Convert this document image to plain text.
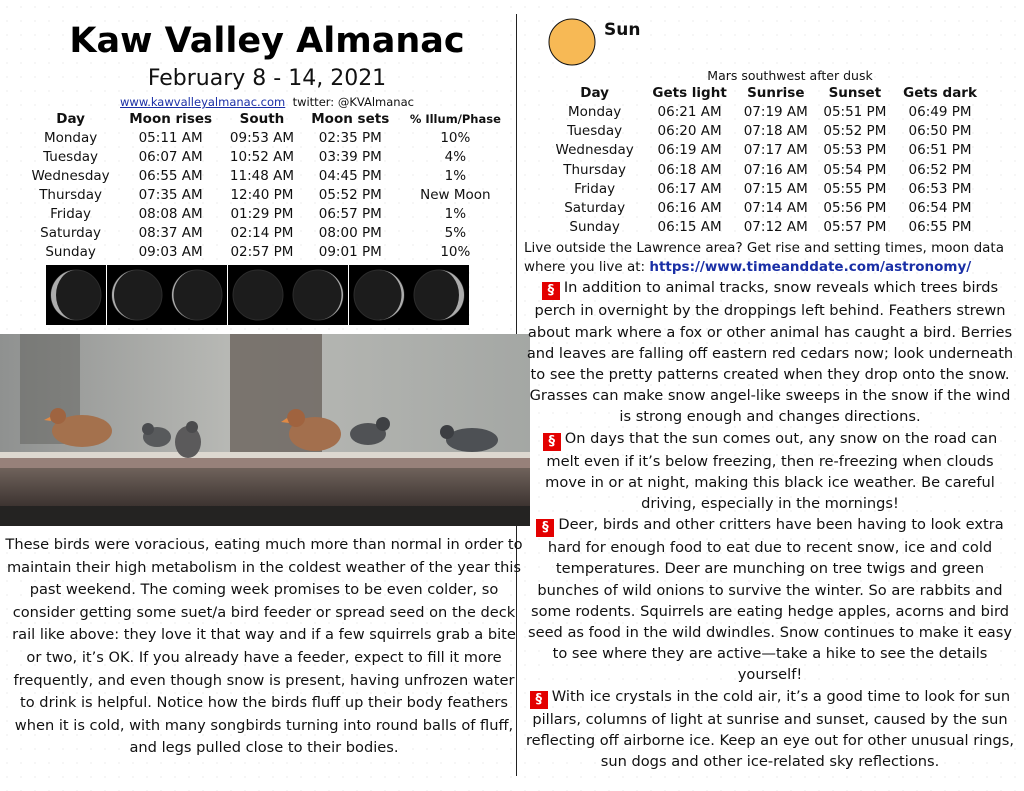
Kaw Valley Almanac
February 8 - 14, 2021
www.kawvalleyalmanac.com twitter: @KVAlmanac
Day	Moon rises	South	Moon sets	% Illum/Phase
Monday	05:11 AM	09:53 AM	02:35 PM	10%
Tuesday	06:07 AM	10:52 AM	03:39 PM	4%
Wednesday	06:55 AM	11:48 AM	04:45 PM	1%
Thursday	07:35 AM	12:40 PM	05:52 PM	New Moon
Friday	08:08 AM	01:29 PM	06:57 PM	1%
Saturday	08:37 AM	02:14 PM	08:00 PM	5%
Sunday	09:03 AM	02:57 PM	09:01 PM	10%
These birds were voracious, eating much more than normal in order to maintain their high metabolism in the coldest weather of the year this past weekend. The coming week promises to be even colder, so consider getting some suet/a bird feeder or spread seed on the deck rail like above: they love it that way and if a few squirrels grab a bite or two, it’s OK. If you already have a feeder, expect to fill it more frequently, and even though snow is present, having unfrozen water to drink is helpful. Notice how the birds fluff up their body feathers when it is cold, with many songbirds turning into round balls of fluff, and legs pulled close to their bodies.
Sun
Mars southwest after dusk
Day	Gets light	Sunrise	Sunset	Gets dark
Monday	06:21 AM	07:19 AM	05:51 PM	06:49 PM
Tuesday	06:20 AM	07:18 AM	05:52 PM	06:50 PM
Wednesday	06:19 AM	07:17 AM	05:53 PM	06:51 PM
Thursday	06:18 AM	07:16 AM	05:54 PM	06:52 PM
Friday	06:17 AM	07:15 AM	05:55 PM	06:53 PM
Saturday	06:16 AM	07:14 AM	05:56 PM	06:54 PM
Sunday	06:15 AM	07:12 AM	05:57 PM	06:55 PM
Live outside the Lawrence area? Get rise and setting times, moon data where you live at: https://www.timeanddate.com/astronomy/
§ In addition to animal tracks, snow reveals which trees birds perch in overnight by the droppings left behind. Feathers strewn about mark where a fox or other animal has caught a bird. Berries and leaves are falling off eastern red cedars now; look underneath to see the pretty patterns created when they drop onto the snow. Grasses can make snow angel-like sweeps in the snow if the wind is strong enough and changes directions.
§ On days that the sun comes out, any snow on the road can melt even if it’s below freezing, then re-freezing when clouds move in or at night, making this black ice weather. Be careful driving, especially in the mornings!
§ Deer, birds and other critters have been having to look extra hard for enough food to eat due to recent snow, ice and cold temperatures. Deer are munching on tree twigs and green bunches of wild onions to survive the winter. So are rabbits and some rodents. Squirrels are eating hedge apples, acorns and bird seed as food in the wild dwindles. Snow continues to make it easy to see where they are active—take a hike to see the details yourself!
§ With ice crystals in the cold air, it’s a good time to look for sun pillars, columns of light at sunrise and sunset, caused by the sun reflecting off airborne ice. Keep an eye out for other unusual rings, sun dogs and other ice-related sky reflections.
